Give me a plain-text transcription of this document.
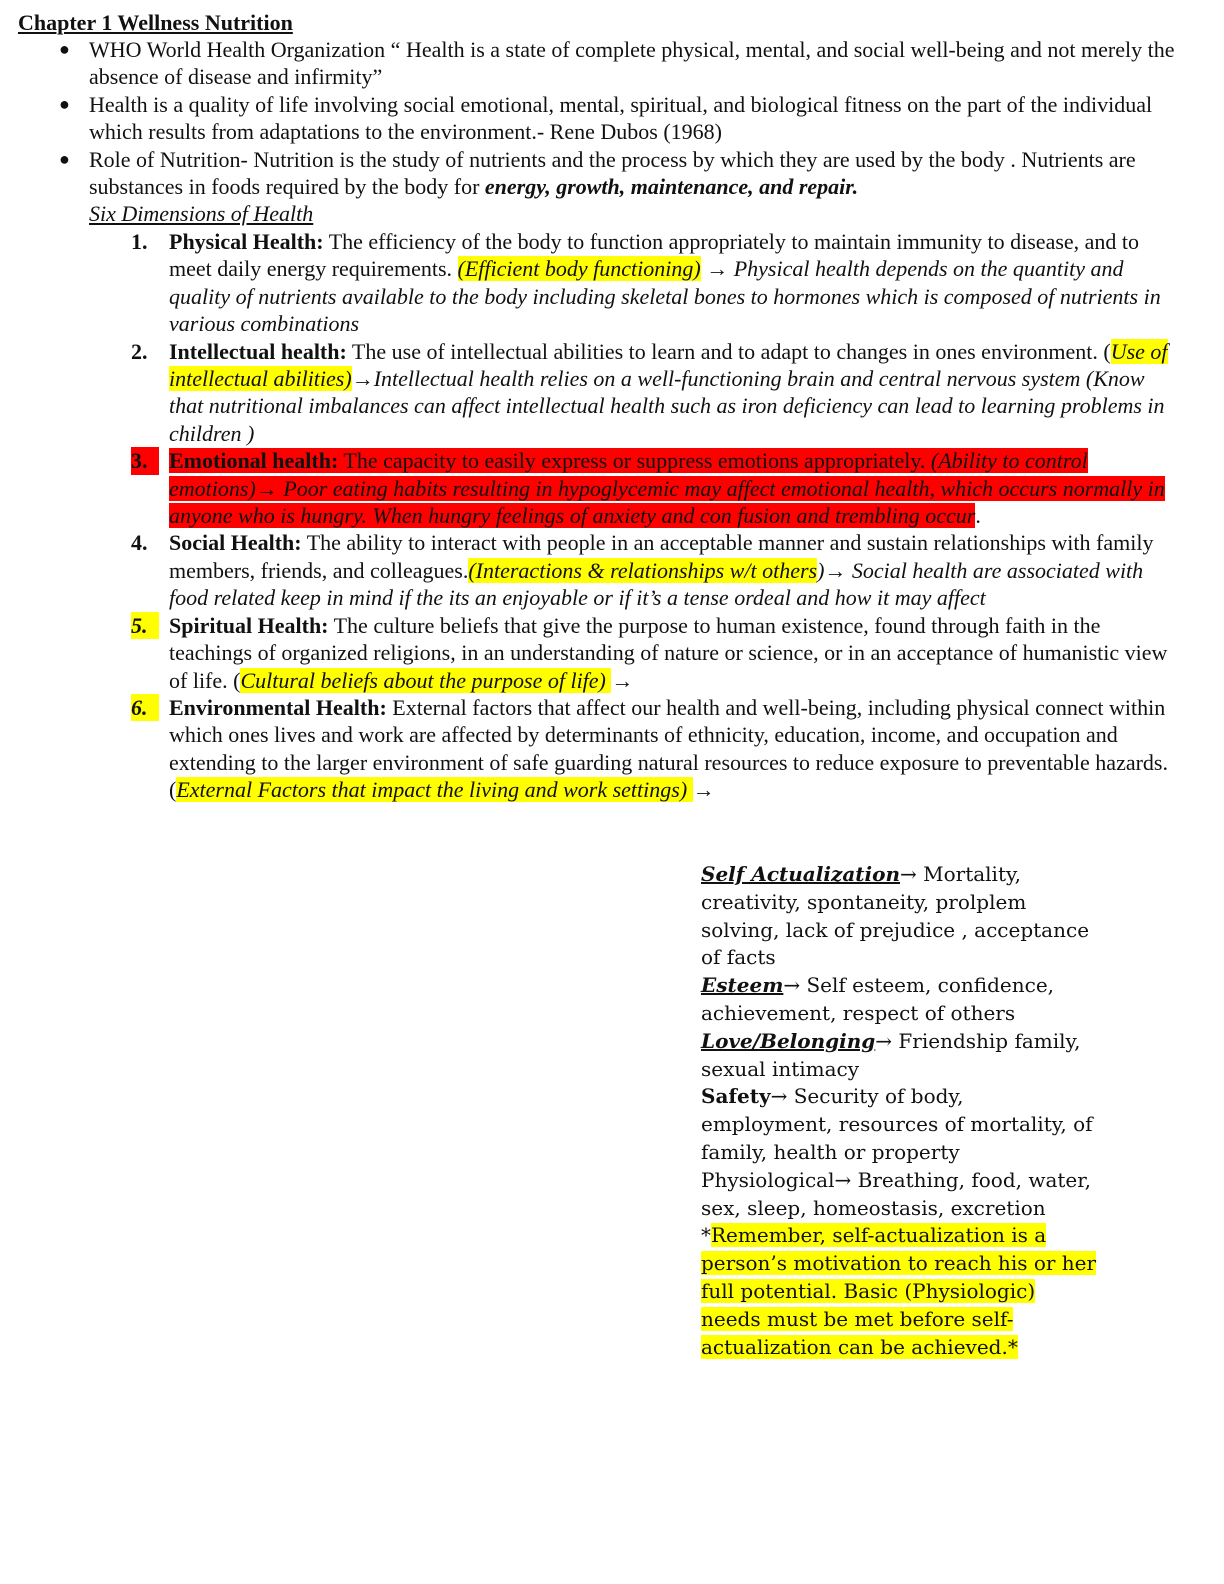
Chapter 1 Wellness Nutrition
● WHO World Health Organization “ Health is a state of complete physical, mental, and social well-being and not merely the absence of disease and infirmity”
● Health is a quality of life involving social emotional, mental, spiritual, and biological fitness on the part of the individual which results from adaptations to the environment.- Rene Dubos (1968)
● Role of Nutrition- Nutrition is the study of nutrients and the process by which they are used by the body . Nutrients are substances in foods required by the body for energy, growth, maintenance, and repair.
Six Dimensions of Health
1. Physical Health: The efficiency of the body to function appropriately to maintain immunity to disease, and to meet daily energy requirements. (Efficient body functioning) → Physical health depends on the quantity and quality of nutrients available to the body including skeletal bones to hormones which is composed of nutrients in various combinations
2. Intellectual health: The use of intellectual abilities to learn and to adapt to changes in ones environment. (Use of intellectual abilities)→Intellectual health relies on a well-functioning brain and central nervous system (Know that nutritional imbalances can affect intellectual health such as iron deficiency can lead to learning problems in children )
3. Emotional health: The capacity to easily express or suppress emotions appropriately. (Ability to control emotions)→ Poor eating habits resulting in hypoglycemic may affect emotional health, which occurs normally in anyone who is hungry. When hungry feelings of anxiety and con fusion and trembling occur.
4. Social Health: The ability to interact with people in an acceptable manner and sustain relationships with family members, friends, and colleagues.(Interactions & relationships w/t others)→ Social health are associated with food related keep in mind if the its an enjoyable or if it’s a tense ordeal and how it may affect
5. Spiritual Health: The culture beliefs that give the purpose to human existence, found through faith in the teachings of organized religions, in an understanding of nature or science, or in an acceptance of humanistic view of life. (Cultural beliefs about the purpose of life) →
6. Environmental Health: External factors that affect our health and well-being, including physical connect within which ones lives and work are affected by determinants of ethnicity, education, income, and occupation and extending to the larger environment of safe guarding natural resources to reduce exposure to preventable hazards. (External Factors that impact the living and work settings) →
Self Actualization→ Mortality, creativity, spontaneity, prolplem solving, lack of prejudice , acceptance of facts
Esteem→ Self esteem, confidence, achievement, respect of others
Love/Belonging→ Friendship family, sexual intimacy
Safety→ Security of body, employment, resources of mortality, of family, health or property
Physiological→ Breathing, food, water, sex, sleep, homeostasis, excretion
*Remember, self-actualization is a person’s motivation to reach his or her full potential. Basic (Physiologic) needs must be met before self-actualization can be achieved.*
